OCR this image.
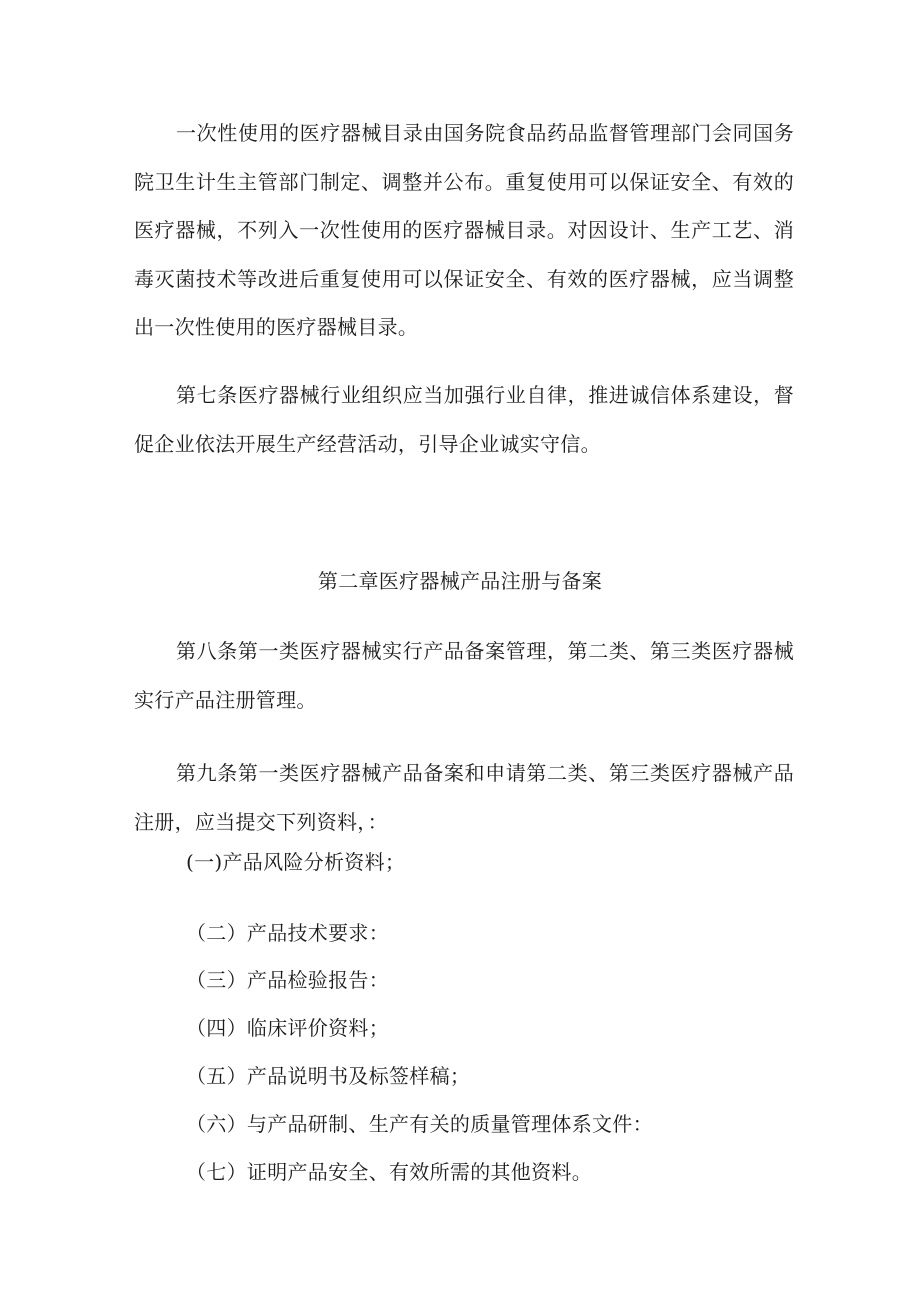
一次性使用的医疗器械目录由国务院食品药品监督管理部门会同国务院卫生计生主管部门制定、调整并公布。重复使用可以保证安全、有效的医疗器械，不列入一次性使用的医疗器械目录。对因设计、生产工艺、消毒灭菌技术等改进后重复使用可以保证安全、有效的医疗器械，应当调整出一次性使用的医疗器械目录。

第七条医疗器械行业组织应当加强行业自律，推进诚信体系建设，督促企业依法开展生产经营活动，引导企业诚实守信。

第二章医疗器械产品注册与备案

第八条第一类医疗器械实行产品备案管理，第二类、第三类医疗器械实行产品注册管理。

第九条第一类医疗器械产品备案和申请第二类、第三类医疗器械产品注册，应当提交下列资料，：

(一)产品风险分析资料；

（二）产品技术要求：

（三）产品检验报告：

（四）临床评价资料；

（五）产品说明书及标签样稿；

（六）与产品研制、生产有关的质量管理体系文件：

（七）证明产品安全、有效所需的其他资料。
